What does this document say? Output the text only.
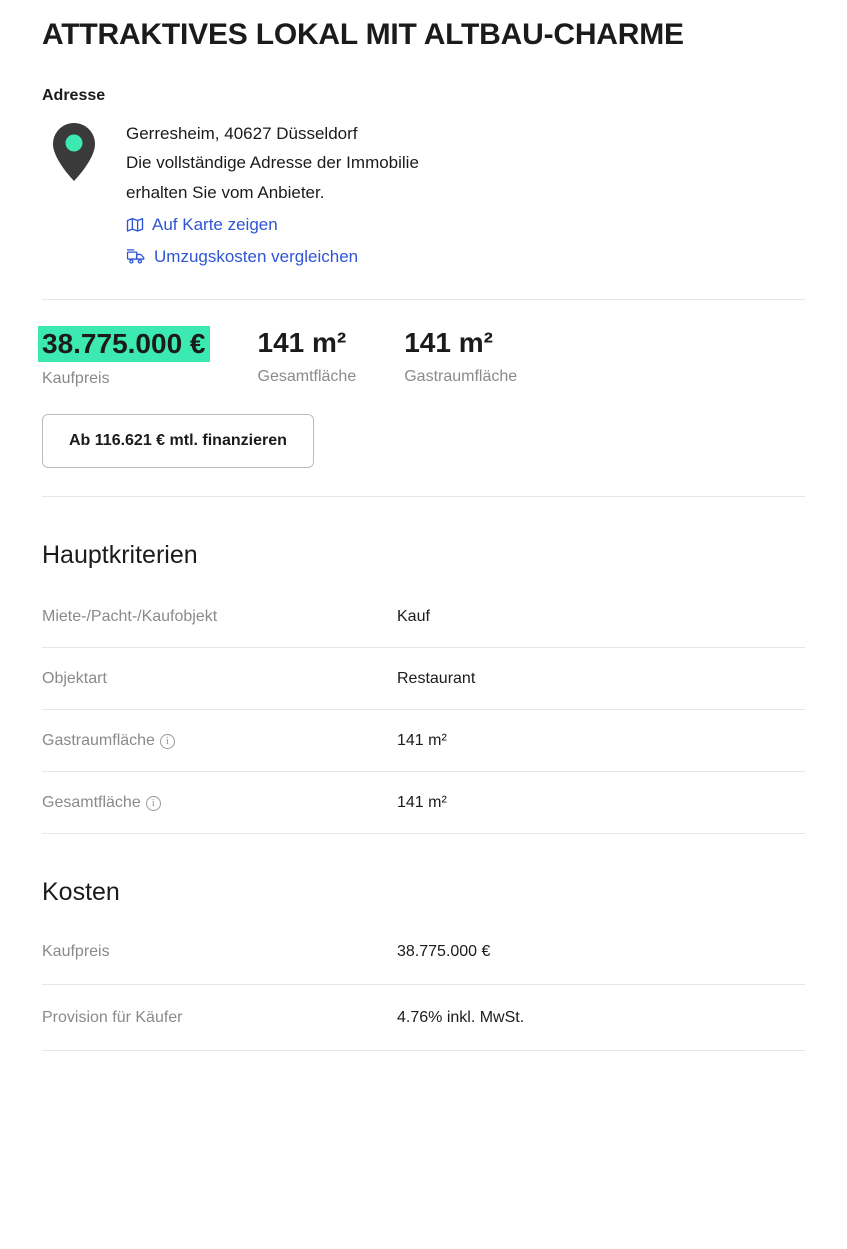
ATTRAKTIVES LOKAL MIT ALTBAU-CHARME
Adresse
Gerresheim, 40627 Düsseldorf
Die vollständige Adresse der Immobilie
erhalten Sie vom Anbieter.
Auf Karte zeigen
Umzugskosten vergleichen
38.775.000 €
Kaufpreis
141 m²
Gesamtfläche
141 m²
Gastraumfläche
Ab 116.621 € mtl. finanzieren
Hauptkriterien
Miete-/Pacht-/Kaufobjekt	Kauf
Objektart	Restaurant
Gastraumfläche i	141 m²
Gesamtfläche i	141 m²
Kosten
Kaufpreis	38.775.000 €
Provision für Käufer	4.76% inkl. MwSt.
